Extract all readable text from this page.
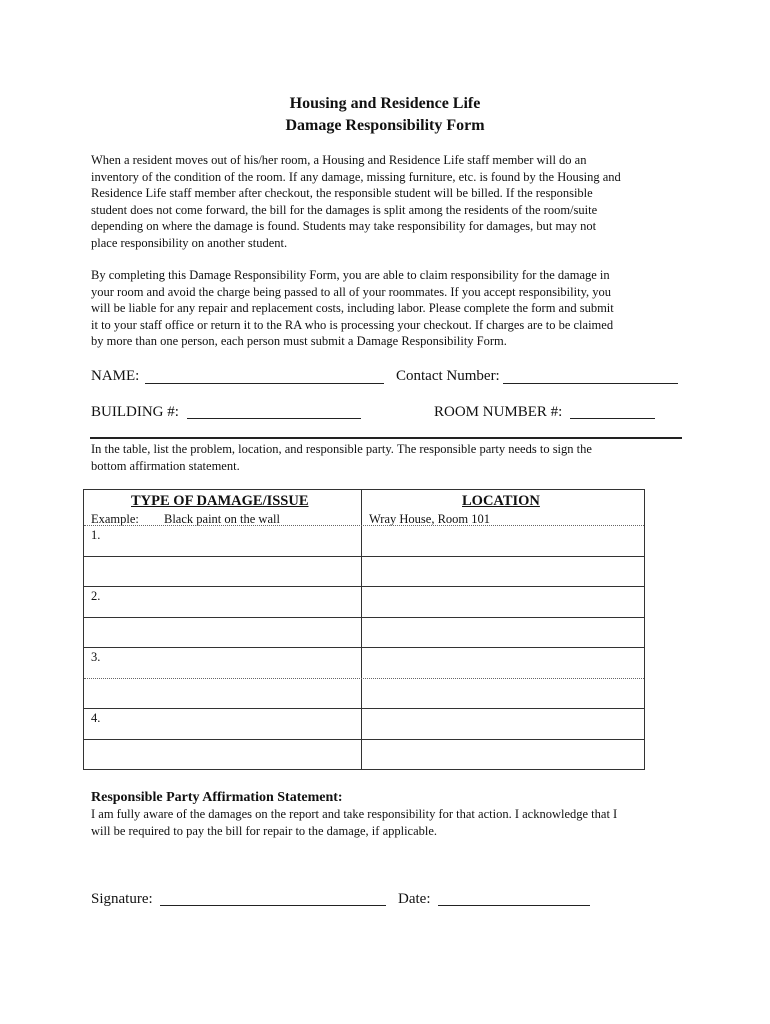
Housing and Residence Life
Damage Responsibility Form
When a resident moves out of his/her room, a Housing and Residence Life staff member will do an
inventory of the condition of the room. If any damage, missing furniture, etc. is found by the Housing and
Residence Life staff member after checkout, the responsible student will be billed. If the responsible
student does not come forward, the bill for the damages is split among the residents of the room/suite
depending on where the damage is found. Students may take responsibility for damages, but may not
place responsibility on another student.
By completing this Damage Responsibility Form, you are able to claim responsibility for the damage in
your room and avoid the charge being passed to all of your roommates. If you accept responsibility, you
will be liable for any repair and replacement costs, including labor. Please complete the form and submit
it to your staff office or return it to the RA who is processing your checkout. If charges are to be claimed
by more than one person, each person must submit a Damage Responsibility Form.
NAME:	Contact Number:
BUILDING #:	ROOM NUMBER #:
In the table, list the problem, location, and responsible party. The responsible party needs to sign the
bottom affirmation statement.
TYPE OF DAMAGE/ISSUE	LOCATION
Example: Black paint on the wall	Wray House, Room 101
1.
2.
3.
4.
Responsible Party Affirmation Statement:
I am fully aware of the damages on the report and take responsibility for that action. I acknowledge that I
will be required to pay the bill for repair to the damage, if applicable.
Signature:	Date:
